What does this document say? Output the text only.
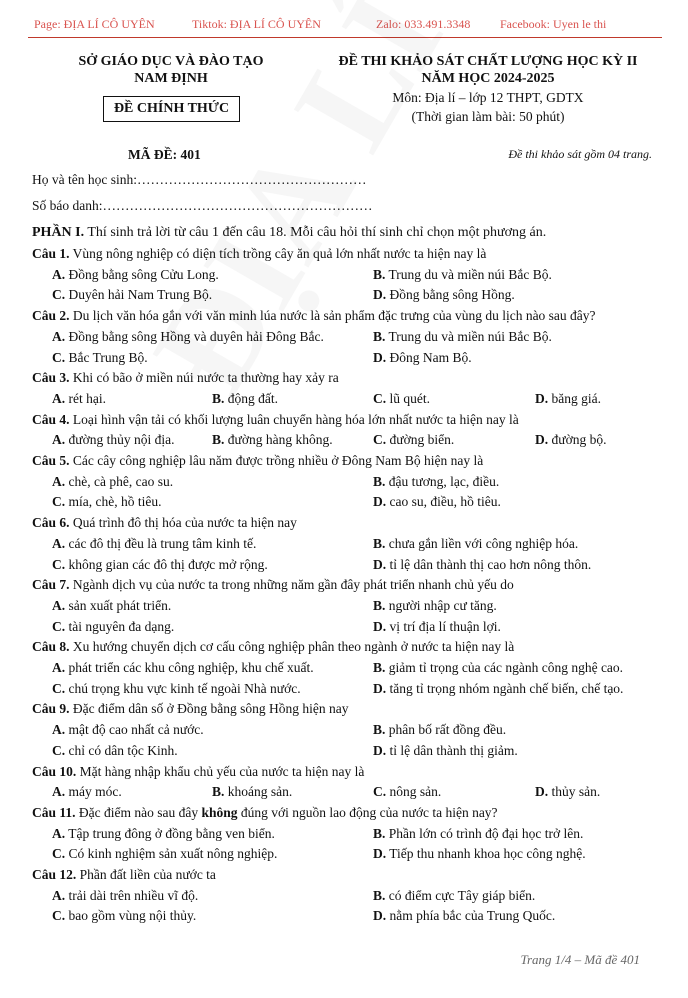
Page: ĐỊA LÍ CÔ UYÊN	Tiktok: ĐỊA LÍ CÔ UYÊN	Zalo: 033.491.3348 Facebook: Uyen le thi
SỞ GIÁO DỤC VÀ ĐÀO TẠO
NAM ĐỊNH
ĐỀ CHÍNH THỨC
ĐỀ THI KHẢO SÁT CHẤT LƯỢNG HỌC KỲ II
NĂM HỌC 2024-2025
Môn: Địa lí – lớp 12 THPT, GDTX
(Thời gian làm bài: 50 phút)
MÃ ĐỀ: 401	Đề thi khảo sát gồm 04 trang.
Họ và tên học sinh:……………………………………………
Số báo danh:……………………………………………………
PHẦN I. Thí sinh trả lời từ câu 1 đến câu 18. Mỗi câu hỏi thí sinh chỉ chọn một phương án.
Câu 1. Vùng nông nghiệp có diện tích trồng cây ăn quả lớn nhất nước ta hiện nay là
A. Đồng bằng sông Cửu Long.	B. Trung du và miền núi Bắc Bộ.
C. Duyên hải Nam Trung Bộ.	D. Đồng bằng sông Hồng.
Câu 2. Du lịch văn hóa gắn với văn minh lúa nước là sản phẩm đặc trưng của vùng du lịch nào sau đây?
A. Đồng bằng sông Hồng và duyên hải Đông Bắc.	B. Trung du và miền núi Bắc Bộ.
C. Bắc Trung Bộ.	D. Đông Nam Bộ.
Câu 3. Khi có bão ở miền núi nước ta thường hay xảy ra
A. rét hại.	B. động đất.	C. lũ quét.	D. băng giá.
Câu 4. Loại hình vận tải có khối lượng luân chuyển hàng hóa lớn nhất nước ta hiện nay là
A. đường thủy nội địa.	B. đường hàng không.	C. đường biển.	D. đường bộ.
Câu 5. Các cây công nghiệp lâu năm được trồng nhiều ở Đông Nam Bộ hiện nay là
A. chè, cà phê, cao su.	B. đậu tương, lạc, điều.
C. mía, chè, hồ tiêu.	D. cao su, điều, hồ tiêu.
Câu 6. Quá trình đô thị hóa của nước ta hiện nay
A. các đô thị đều là trung tâm kinh tế.	B. chưa gắn liền với công nghiệp hóa.
C. không gian các đô thị được mở rộng.	D. tỉ lệ dân thành thị cao hơn nông thôn.
Câu 7. Ngành dịch vụ của nước ta trong những năm gần đây phát triển nhanh chủ yếu do
A. sản xuất phát triển.	B. người nhập cư tăng.
C. tài nguyên đa dạng.	D. vị trí địa lí thuận lợi.
Câu 8. Xu hướng chuyển dịch cơ cấu công nghiệp phân theo ngành ở nước ta hiện nay là
A. phát triển các khu công nghiệp, khu chế xuất.	B. giảm tỉ trọng của các ngành công nghệ cao.
C. chú trọng khu vực kinh tế ngoài Nhà nước.	D. tăng tỉ trọng nhóm ngành chế biến, chế tạo.
Câu 9. Đặc điểm dân số ở Đồng bằng sông Hồng hiện nay
A. mật độ cao nhất cả nước.	B. phân bố rất đồng đều.
C. chỉ có dân tộc Kinh.	D. tỉ lệ dân thành thị giảm.
Câu 10. Mặt hàng nhập khẩu chủ yếu của nước ta hiện nay là
A. máy móc.	B. khoáng sản.	C. nông sản.	D. thủy sản.
Câu 11. Đặc điểm nào sau đây không đúng với nguồn lao động của nước ta hiện nay?
A. Tập trung đông ở đồng bằng ven biển.	B. Phần lớn có trình độ đại học trở lên.
C. Có kinh nghiệm sản xuất nông nghiệp.	D. Tiếp thu nhanh khoa học công nghệ.
Câu 12. Phần đất liền của nước ta
A. trải dài trên nhiều vĩ độ.	B. có điểm cực Tây giáp biển.
C. bao gồm vùng nội thủy.	D. nằm phía bắc của Trung Quốc.
Trang 1/4 – Mã đề 401
